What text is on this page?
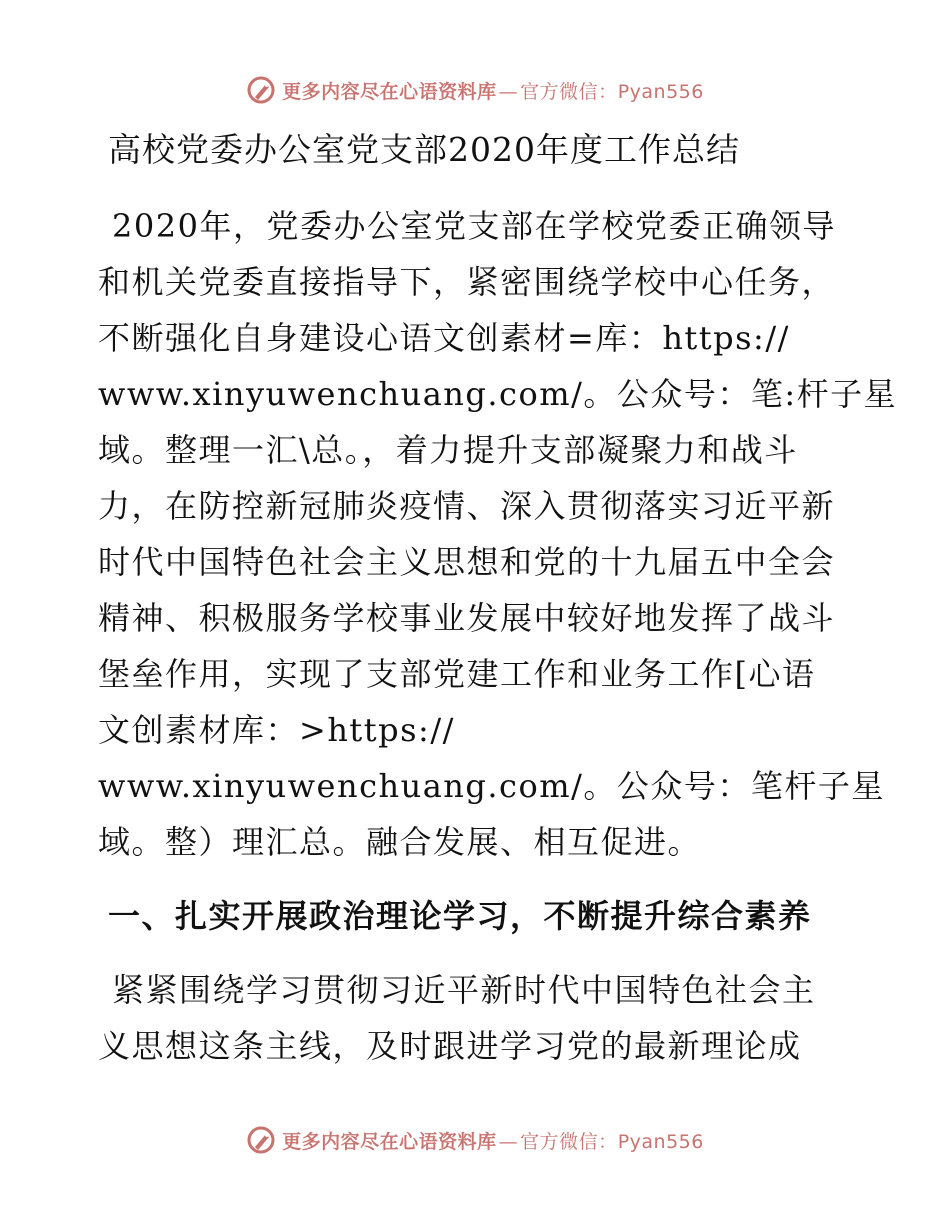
更多内容尽在心语资料库 — 官方微信：Pyan556
高校党委办公室党支部2020年度工作总结

2020年，党委办公室党支部在学校党委正确领导
和机关党委直接指导下，紧密围绕学校中心任务，
不断强化自身建设心语文创素材=库：https://
www.xinyuwenchuang.com/。公众号：笔:杆子星
域。整理一汇\总。，着力提升支部凝聚力和战斗
力，在防控新冠肺炎疫情、深入贯彻落实习近平新
时代中国特色社会主义思想和党的十九届五中全会
精神、积极服务学校事业发展中较好地发挥了战斗
堡垒作用，实现了支部党建工作和业务工作[心语
文创素材库：>https://
www.xinyuwenchuang.com/。公众号：笔杆子星
域。整）理汇总。融合发展、相互促进。

一、扎实开展政治理论学习，不断提升综合素养

紧紧围绕学习贯彻习近平新时代中国特色社会主
义思想这条主线，及时跟进学习党的最新理论成

更多内容尽在心语资料库 — 官方微信：Pyan556
